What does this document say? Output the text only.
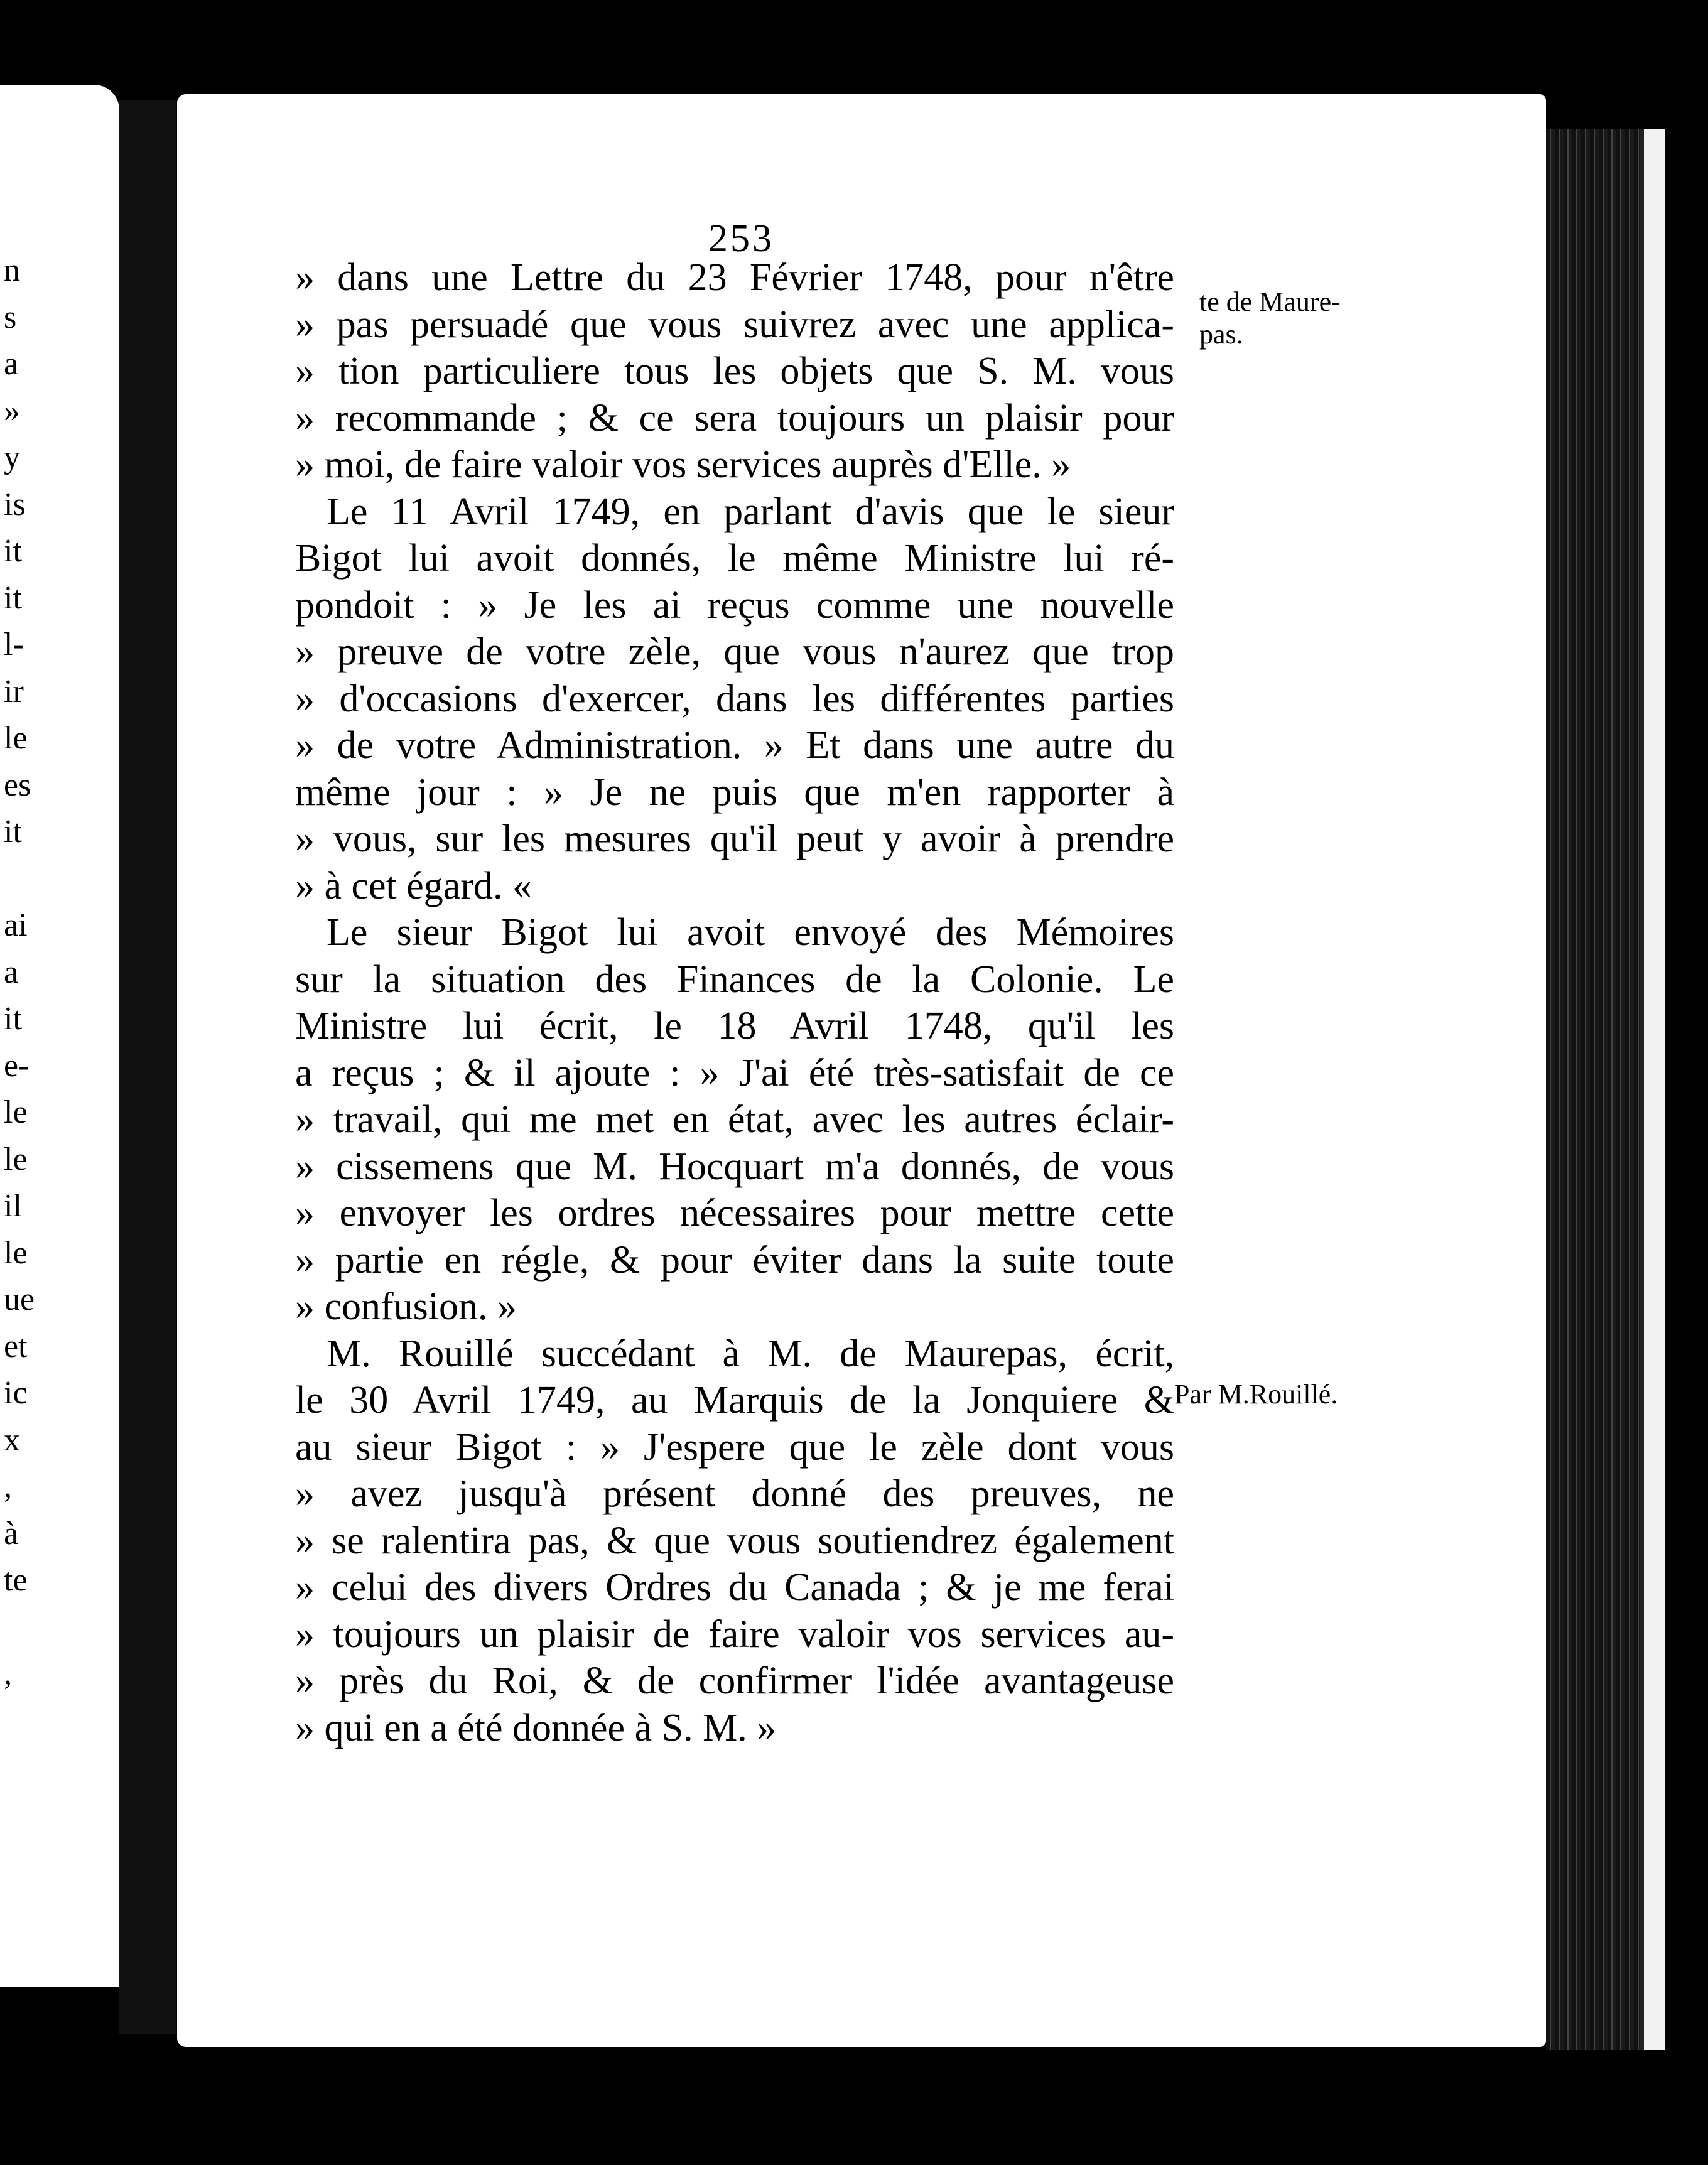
n
s
a
»
y
is
it
it
l-
ir
le
es
it
ai
a
it
e-
le
le
il
le
ue
et
ic
x
,
à
te
,
253
» dans une Lettre du 23 Février 1748, pour n'être
» pas persuadé que vous suivrez avec une applica-
» tion particuliere tous les objets que S. M. vous
» recommande ; & ce sera toujours un plaisir pour
» moi, de faire valoir vos services auprès d'Elle. »
Le 11 Avril 1749, en parlant d'avis que le sieur
Bigot lui avoit donnés, le même Ministre lui ré-
pondoit : » Je les ai reçus comme une nouvelle
» preuve de votre zèle, que vous n'aurez que trop
» d'occasions d'exercer, dans les différentes parties
» de votre Administration. » Et dans une autre du
même jour : » Je ne puis que m'en rapporter à
» vous, sur les mesures qu'il peut y avoir à prendre
» à cet égard. «
Le sieur Bigot lui avoit envoyé des Mémoires
sur la situation des Finances de la Colonie. Le
Ministre lui écrit, le 18 Avril 1748, qu'il les
a reçus ; & il ajoute : » J'ai été très-satisfait de ce
» travail, qui me met en état, avec les autres éclair-
» cissemens que M. Hocquart m'a donnés, de vous
» envoyer les ordres nécessaires pour mettre cette
» partie en régle, & pour éviter dans la suite toute
» confusion. »
M. Rouillé succédant à M. de Maurepas, écrit,
le 30 Avril 1749, au Marquis de la Jonquiere &
au sieur Bigot : » J'espere que le zèle dont vous
» avez jusqu'à présent donné des preuves, ne
» se ralentira pas, & que vous soutiendrez également
» celui des divers Ordres du Canada ; & je me ferai
» toujours un plaisir de faire valoir vos services au-
» près du Roi, & de confirmer l'idée avantageuse
» qui en a été donnée à S. M. »
te de Maure-
pas.
Par M.Rouillé.
